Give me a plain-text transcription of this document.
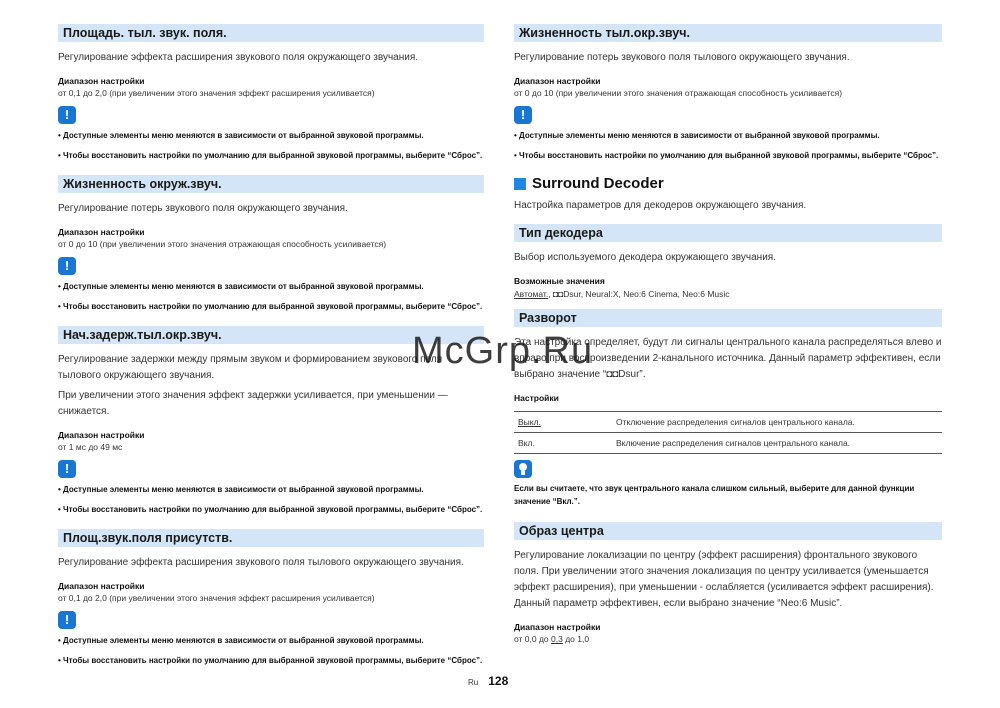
Площадь. тыл. звук. поля.
Регулирование эффекта расширения звукового поля окружающего звучания.
Диапазон настройки
от 0,1 до 2,0 (при увеличении этого значения эффект расширения усиливается)
!
• Доступные элементы меню меняются в зависимости от выбранной звуковой программы.
• Чтобы восстановить настройки по умолчанию для выбранной звуковой программы, выберите “Сброс”.
Жизненность окруж.звуч.
Регулирование потерь звукового поля окружающего звучания.
Диапазон настройки
от 0 до 10 (при увеличении этого значения отражающая способность усиливается)
!
• Доступные элементы меню меняются в зависимости от выбранной звуковой программы.
• Чтобы восстановить настройки по умолчанию для выбранной звуковой программы, выберите “Сброс”.
Нач.задерж.тыл.окр.звуч.
Регулирование задержки между прямым звуком и формированием звукового поля тылового окружающего звучания.
При увеличении этого значения эффект задержки усиливается, при уменьшении — снижается.
Диапазон настройки
от 1 мс до 49 мс
!
• Доступные элементы меню меняются в зависимости от выбранной звуковой программы.
• Чтобы восстановить настройки по умолчанию для выбранной звуковой программы, выберите “Сброс”.
Площ.звук.поля присутств.
Регулирование эффекта расширения звукового поля тылового окружающего звучания.
Диапазон настройки
от 0,1 до 2,0 (при увеличении этого значения эффект расширения усиливается)
!
• Доступные элементы меню меняются в зависимости от выбранной звуковой программы.
• Чтобы восстановить настройки по умолчанию для выбранной звуковой программы, выберите “Сброс”.
Жизненность тыл.окр.звуч.
Регулирование потерь звукового поля тылового окружающего звучания.
Диапазон настройки
от 0 до 10 (при увеличении этого значения отражающая способность усиливается)
!
• Доступные элементы меню меняются в зависимости от выбранной звуковой программы.
• Чтобы восстановить настройки по умолчанию для выбранной звуковой программы, выберите “Сброс”.
Surround Decoder
Настройка параметров для декодеров окружающего звучания.
Тип декодера
Выбор используемого декодера окружающего звучания.
Возможные значения
Автомат., ◘◘Dsur, Neural:X, Neo:6 Cinema, Neo:6 Music
Разворот
Эта настройка определяет, будут ли сигналы центрального канала распределяться влево и вправо при воспроизведении 2-канального источника. Данный параметр эффективен, если выбрано значение “◘◘Dsur”.
Настройки
Выкл.	Отключение распределения сигналов центрального канала.
Вкл.	Включение распределения сигналов центрального канала.
Если вы считаете, что звук центрального канала слишком сильный, выберите для данной функции значение “Вкл.”.
Образ центра
Регулирование локализации по центру (эффект расширения) фронтального звукового поля. При увеличении этого значения локализация по центру усиливается (уменьшается эффект расширения), при уменьшении - ослабляется (усиливается эффект расширения). Данный параметр эффективен, если выбрано значение “Neo:6 Music”.
Диапазон настройки
от 0,0 до 0,3 до 1,0
McGrp.Ru
Ru 128
